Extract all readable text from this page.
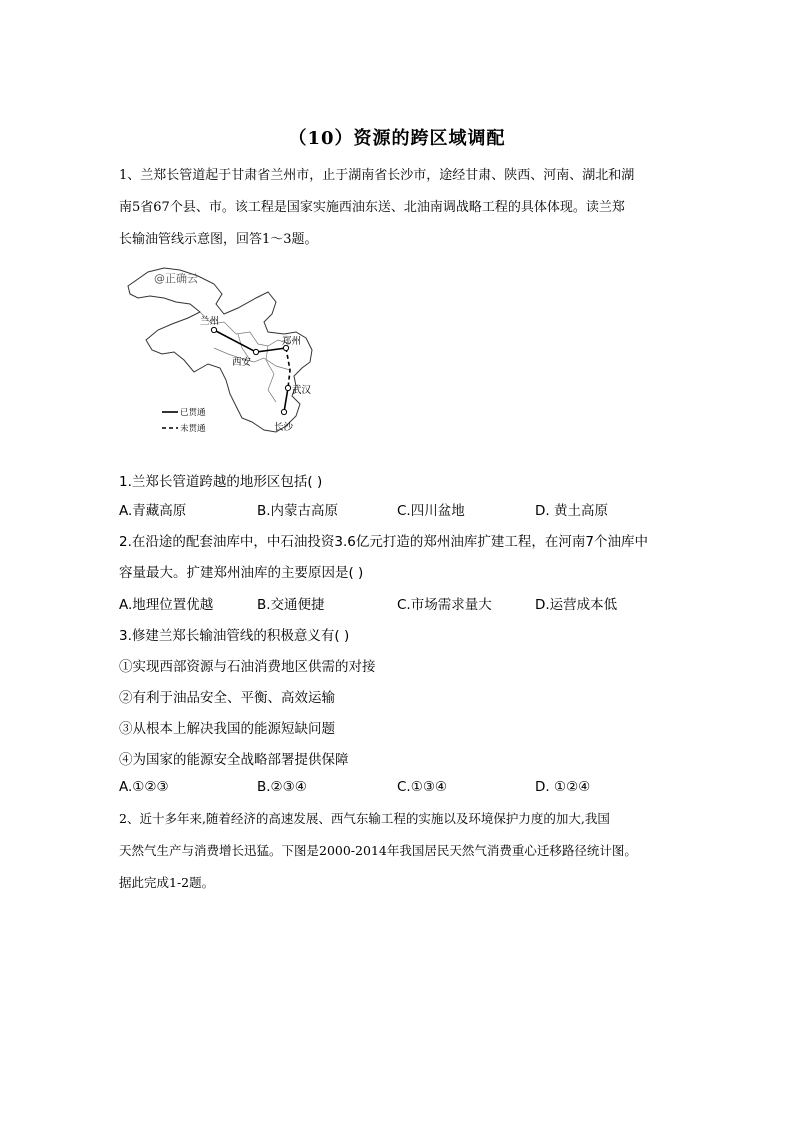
（10）资源的跨区域调配
1、兰郑长管道起于甘肃省兰州市，止于湖南省长沙市，途经甘肃、陕西、河南、湖北和湖
南5省67个县、市。该工程是国家实施西油东送、北油南调战略工程的具体体现。读兰郑
长输油管线示意图，回答1～3题。
@正确云
兰州
郑州
西安
武汉
长沙
已贯通
未贯通
1.兰郑长管道跨越的地形区包括( )
A.青藏高原	B.内蒙古高原	C.四川盆地	D. 黄土高原
2.在沿途的配套油库中，中石油投资3.6亿元打造的郑州油库扩建工程，在河南7个油库中
容量最大。扩建郑州油库的主要原因是( )
A.地理位置优越	B.交通便捷	C.市场需求量大	D.运营成本低
3.修建兰郑长输油管线的积极意义有( )
①实现西部资源与石油消费地区供需的对接
②有利于油品安全、平衡、高效运输
③从根本上解决我国的能源短缺问题
④为国家的能源安全战略部署提供保障
A.①②③	B.②③④	C.①③④	D. ①②④
2、近十多年来,随着经济的高速发展、西气东输工程的实施以及环境保护力度的加大,我国
天然气生产与消费增长迅猛。下图是2000-2014年我国居民天然气消费重心迁移路径统计图。
据此完成1-2题。
